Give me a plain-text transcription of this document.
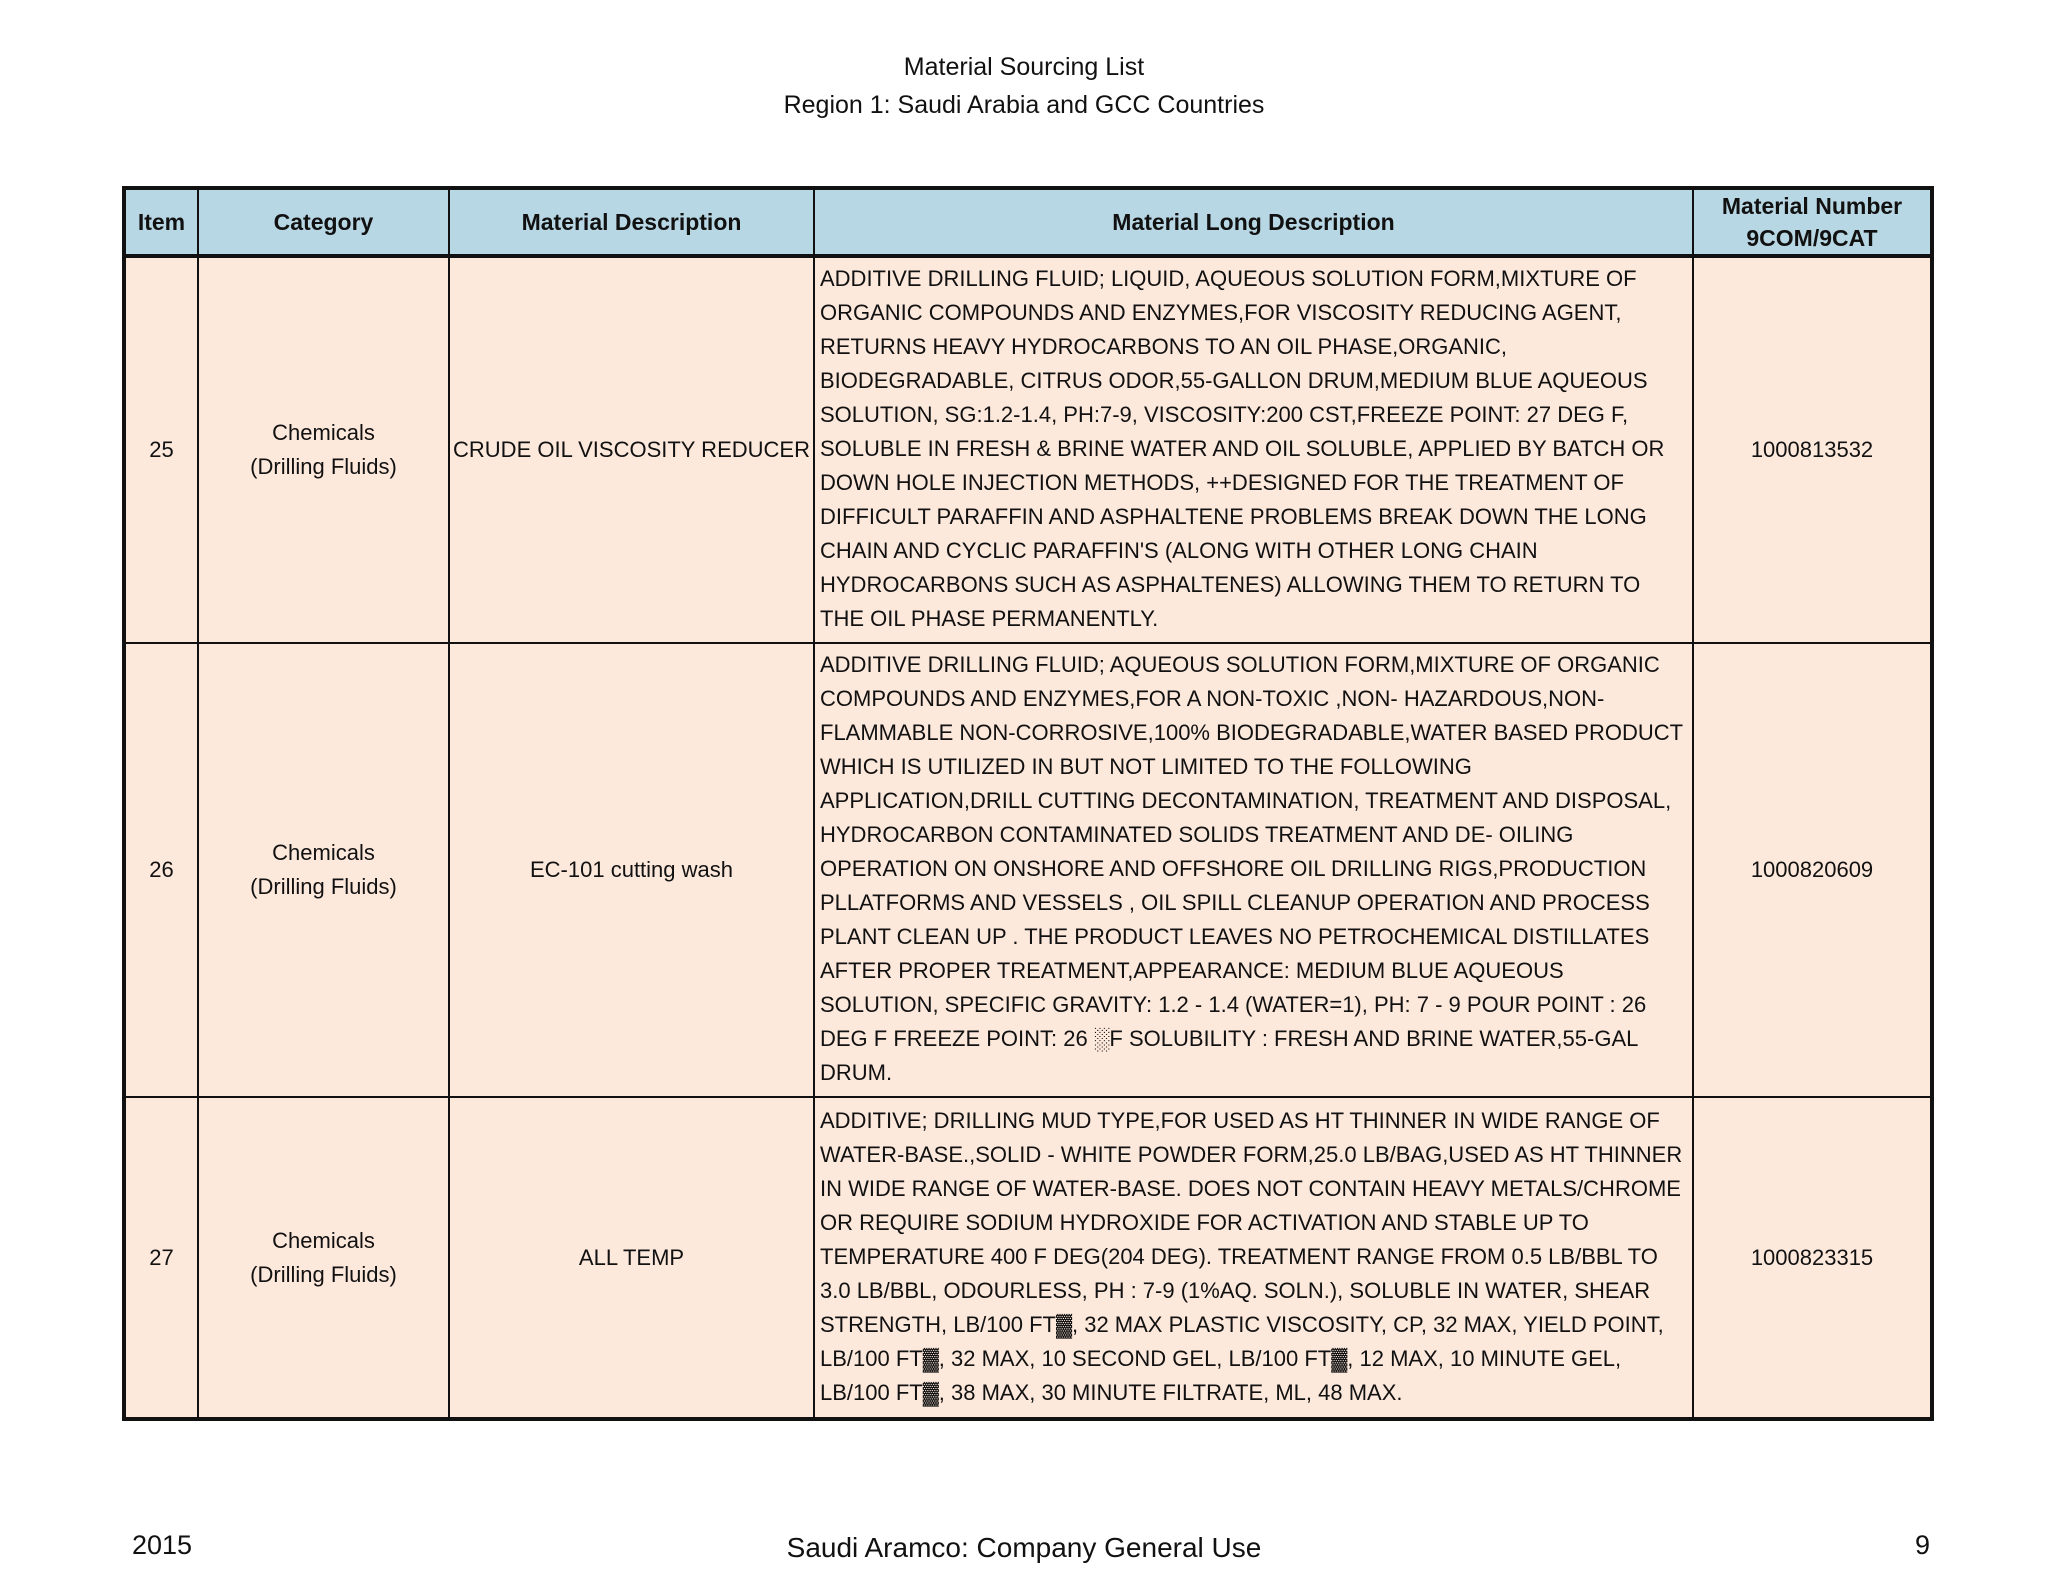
Material Sourcing List
Region 1: Saudi Arabia and GCC Countries
Item	Category	Material Description	Material Long Description	Material Number
9COM/9CAT

25	Chemicals
(Drilling Fluids)	CRUDE OIL VISCOSITY REDUCER	ADDITIVE DRILLING FLUID; LIQUID, AQUEOUS SOLUTION FORM,MIXTURE OF ORGANIC COMPOUNDS AND ENZYMES,FOR VISCOSITY REDUCING AGENT, RETURNS HEAVY HYDROCARBONS TO AN OIL PHASE,ORGANIC, BIODEGRADABLE, CITRUS ODOR,55-GALLON DRUM,MEDIUM BLUE AQUEOUS SOLUTION, SG:1.2-1.4, PH:7-9, VISCOSITY:200 CST,FREEZE POINT: 27 DEG F, SOLUBLE IN FRESH & BRINE WATER AND OIL SOLUBLE, APPLIED BY BATCH OR DOWN HOLE INJECTION METHODS, ++DESIGNED FOR THE TREATMENT OF DIFFICULT PARAFFIN AND ASPHALTENE PROBLEMS BREAK DOWN THE LONG CHAIN AND CYCLIC PARAFFIN'S (ALONG WITH OTHER LONG CHAIN HYDROCARBONS SUCH AS ASPHALTENES) ALLOWING THEM TO RETURN TO THE OIL PHASE PERMANENTLY.	1000813532
26	Chemicals
(Drilling Fluids)	EC-101 cutting wash	ADDITIVE DRILLING FLUID; AQUEOUS SOLUTION FORM,MIXTURE OF ORGANIC COMPOUNDS AND ENZYMES,FOR A NON-TOXIC ,NON- HAZARDOUS,NON-FLAMMABLE NON-CORROSIVE,100% BIODEGRADABLE,WATER BASED PRODUCT WHICH IS UTILIZED IN BUT NOT LIMITED TO THE FOLLOWING APPLICATION,DRILL CUTTING DECONTAMINATION, TREATMENT AND DISPOSAL, HYDROCARBON CONTAMINATED SOLIDS TREATMENT AND DE- OILING OPERATION ON ONSHORE AND OFFSHORE OIL DRILLING RIGS,PRODUCTION PLLATFORMS AND VESSELS , OIL SPILL CLEANUP OPERATION AND PROCESS PLANT CLEAN UP . THE PRODUCT LEAVES NO PETROCHEMICAL DISTILLATES AFTER PROPER TREATMENT,APPEARANCE: MEDIUM BLUE AQUEOUS SOLUTION, SPECIFIC GRAVITY: 1.2 - 1.4 (WATER=1), PH: 7 - 9 POUR POINT : 26 DEG F FREEZE POINT: 26 ░F SOLUBILITY : FRESH AND BRINE WATER,55-GAL DRUM.	1000820609
27	Chemicals
(Drilling Fluids)	ALL TEMP	ADDITIVE; DRILLING MUD TYPE,FOR USED AS HT THINNER IN WIDE RANGE OF WATER-BASE.,SOLID - WHITE POWDER FORM,25.0 LB/BAG,USED AS HT THINNER IN WIDE RANGE OF WATER-BASE. DOES NOT CONTAIN HEAVY METALS/CHROME OR REQUIRE SODIUM HYDROXIDE FOR ACTIVATION AND STABLE UP TO TEMPERATURE 400 F DEG(204 DEG). TREATMENT RANGE FROM 0.5 LB/BBL TO 3.0 LB/BBL, ODOURLESS, PH : 7-9 (1%AQ. SOLN.), SOLUBLE IN WATER, SHEAR STRENGTH, LB/100 FT▓, 32 MAX PLASTIC VISCOSITY, CP, 32 MAX, YIELD POINT, LB/100 FT▓, 32 MAX, 10 SECOND GEL, LB/100 FT▓, 12 MAX, 10 MINUTE GEL, LB/100 FT▓, 38 MAX, 30 MINUTE FILTRATE, ML, 48 MAX.	1000823315
2015	Saudi Aramco: Company General Use	9
